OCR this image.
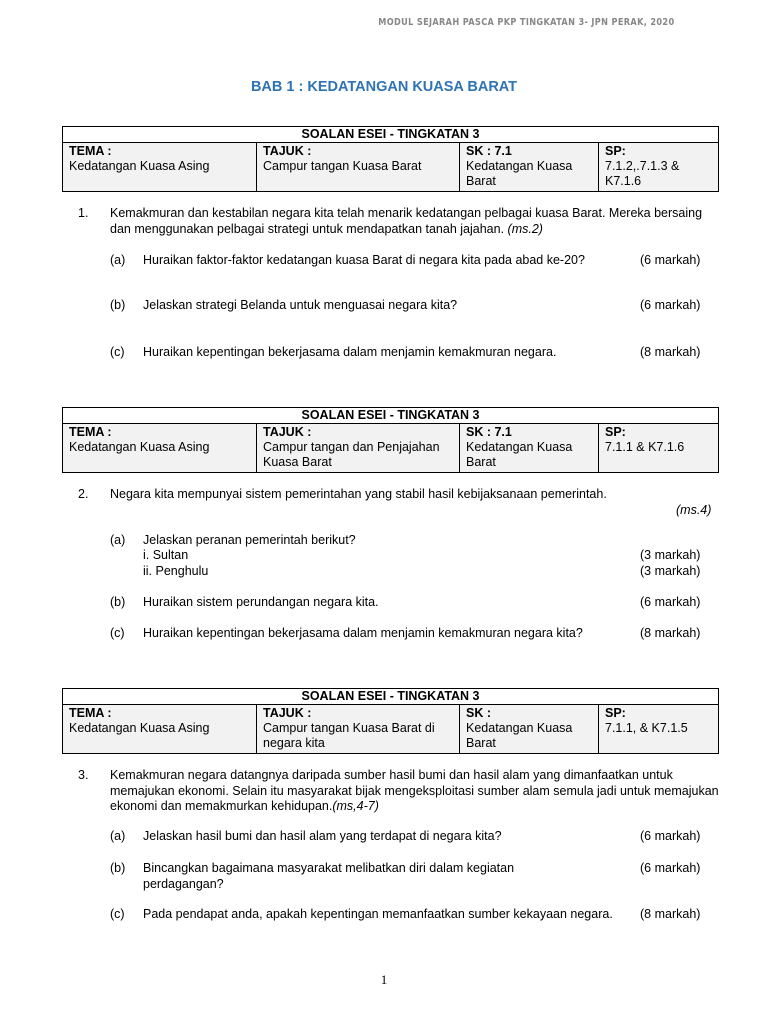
MODUL SEJARAH PASCA PKP TINGKATAN 3- JPN PERAK, 2020
BAB 1 : KEDATANGAN KUASA BARAT
SOALAN ESEI - TINGKATAN 3

TEMA :
Kedatangan Kuasa Asing	
TAJUK :
Campur tangan Kuasa Barat	
SK : 7.1
Kedatangan Kuasa Barat	
SP:
7.1.2,.7.1.3 & K7.1.6
1. Kemakmuran dan kestabilan negara kita telah menarik kedatangan pelbagai kuasa Barat. Mereka bersaing dan menggunakan pelbagai strategi untuk mendapatkan tanah jajahan. (ms.2)
(a) Huraikan faktor-faktor kedatangan kuasa Barat di negara kita pada abad ke-20?	(6 markah)
(b) Jelaskan strategi Belanda untuk menguasai negara kita?	(6 markah)
(c) Huraikan kepentingan bekerjasama dalam menjamin kemakmuran negara.	(8 markah)
SOALAN ESEI - TINGKATAN 3

TEMA :
Kedatangan Kuasa Asing	
TAJUK :
Campur tangan dan Penjajahan Kuasa Barat	
SK : 7.1
Kedatangan Kuasa Barat	
SP:
7.1.1 & K7.1.6
2. Negara kita mempunyai sistem pemerintahan yang stabil hasil kebijaksanaan pemerintah.
(ms.4)
(a) Jelaskan peranan pemerintah berikut?
i. Sultan	(3 markah)
ii. Penghulu	(3 markah)
(b) Huraikan sistem perundangan negara kita.	(6 markah)
(c) Huraikan kepentingan bekerjasama dalam menjamin kemakmuran negara kita?	(8 markah)
SOALAN ESEI - TINGKATAN 3

TEMA :
Kedatangan Kuasa Asing	
TAJUK :
Campur tangan Kuasa Barat di negara kita	
SK :
Kedatangan Kuasa Barat	
SP:
7.1.1, & K7.1.5
3. Kemakmuran negara datangnya daripada sumber hasil bumi dan hasil alam yang dimanfaatkan untuk memajukan ekonomi. Selain itu masyarakat bijak mengeksploitasi sumber alam semula jadi untuk memajukan ekonomi dan memakmurkan kehidupan.(ms,4-7)
(a) Jelaskan hasil bumi dan hasil alam yang terdapat di negara kita?	(6 markah)
(b) Bincangkan bagaimana masyarakat melibatkan diri dalam kegiatan perdagangan?
(6 markah)
(c) Pada pendapat anda, apakah kepentingan memanfaatkan sumber kekayaan negara.	(8 markah)
1
